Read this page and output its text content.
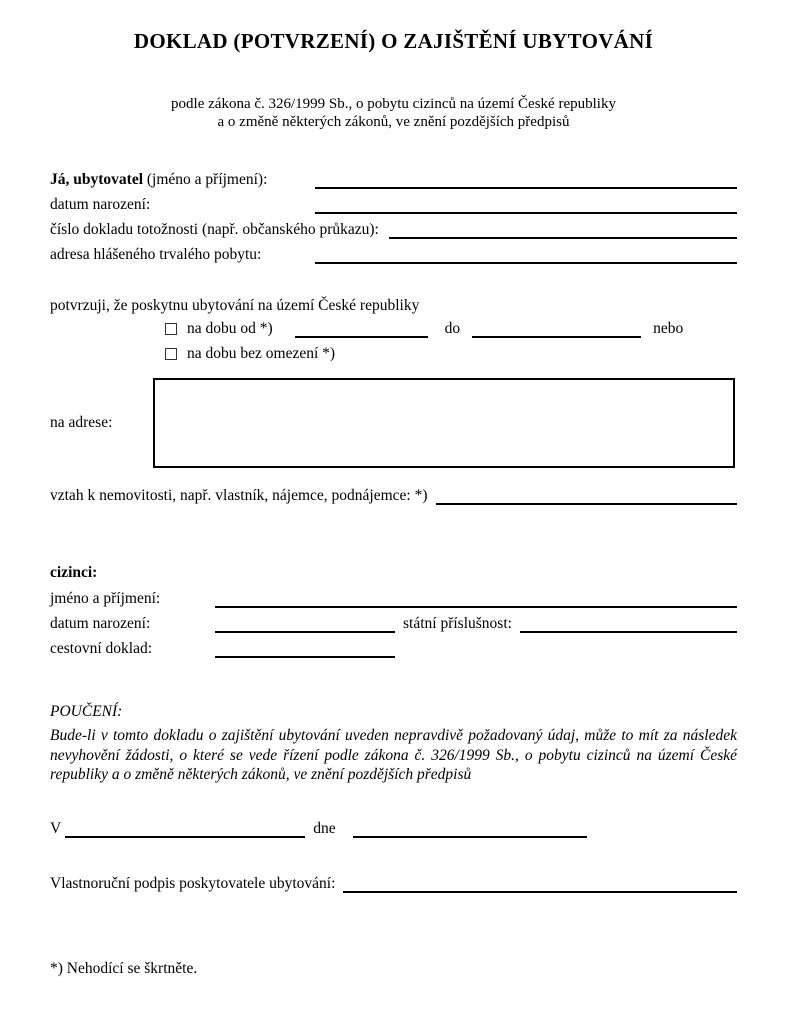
DOKLAD (POTVRZENÍ) O ZAJIŠTĚNÍ UBYTOVÁNÍ
podle zákona č. 326/1999 Sb., o pobytu cizinců na území České republiky
a o změně některých zákonů, ve znění pozdějších předpisů
Já, ubytovatel (jméno a příjmení):
datum narození:
číslo dokladu totožnosti (např. občanského průkazu):
adresa hlášeného trvalého pobytu:
potvrzuji, že poskytnu ubytování na území České republiky
na dobu od *)	do	nebo
na dobu bez omezení *)
na adrese:
vztah k nemovitosti, např. vlastník, nájemce, podnájemce: *)
cizinci:
jméno a příjmení:
datum narození:	státní příslušnost:
cestovní doklad:
POUČENÍ:
Bude-li v tomto dokladu o zajištění ubytování uveden nepravdivě požadovaný údaj, může to mít za následek nevyhovění žádosti, o které se vede řízení podle zákona č. 326/1999 Sb., o pobytu cizinců na území České republiky a o změně některých zákonů, ve znění pozdějších předpisů
V	dne
Vlastnoruční podpis poskytovatele ubytování:
*) Nehodící se škrtněte.
